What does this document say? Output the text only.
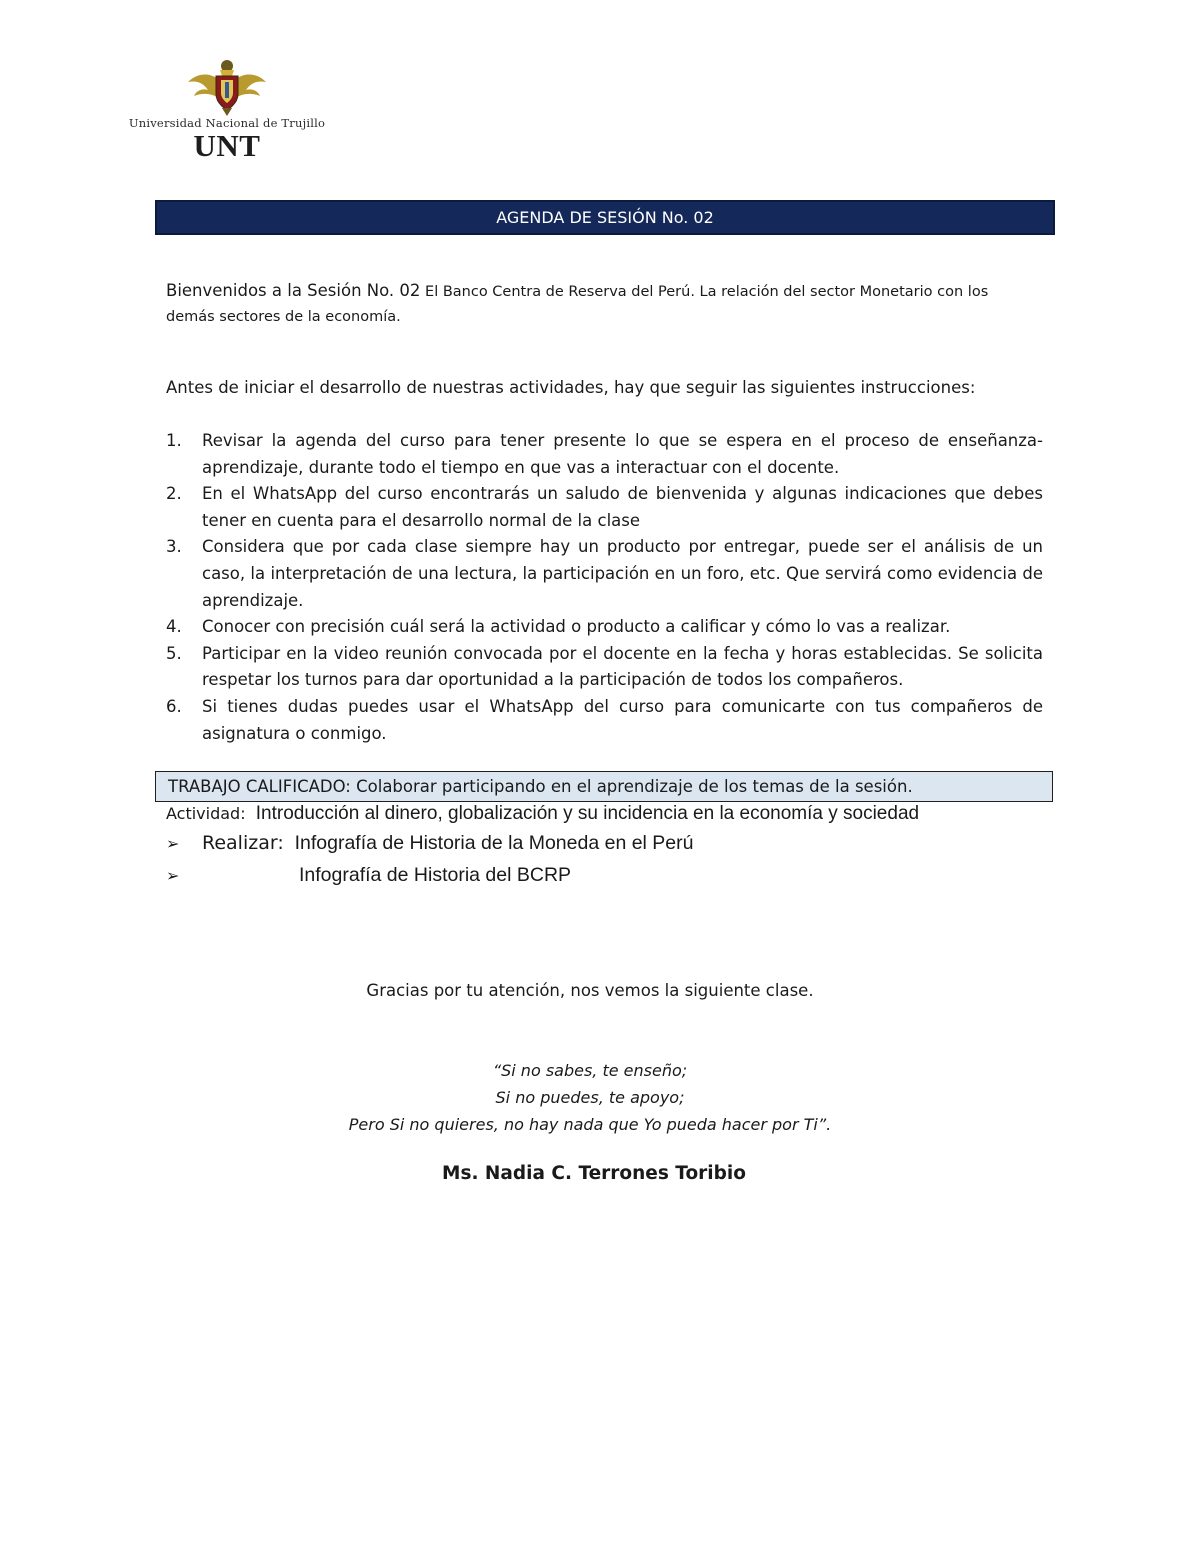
Universidad Nacional de Trujillo
UNT
AGENDA DE SESIÓN No. 02
Bienvenidos a la Sesión No. 02 El Banco Centra de Reserva del Perú. La relación del sector Monetario con los demás sectores de la economía.
Antes de iniciar el desarrollo de nuestras actividades, hay que seguir las siguientes instrucciones:
1. Revisar la agenda del curso para tener presente lo que se espera en el proceso de enseñanza-aprendizaje, durante todo el tiempo en que vas a interactuar con el docente.
2. En el WhatsApp del curso encontrarás un saludo de bienvenida y algunas indicaciones que debes tener en cuenta para el desarrollo normal de la clase
3. Considera que por cada clase siempre hay un producto por entregar, puede ser el análisis de un caso, la interpretación de una lectura, la participación en un foro, etc. Que servirá como evidencia de aprendizaje.
4. Conocer con precisión cuál será la actividad o producto a calificar y cómo lo vas a realizar.
5. Participar en la video reunión convocada por el docente en la fecha y horas establecidas. Se solicita respetar los turnos para dar oportunidad a la participación de todos los compañeros.
6. Si tienes dudas puedes usar el WhatsApp del curso para comunicarte con tus compañeros de asignatura o conmigo.
TRABAJO CALIFICADO: Colaborar participando en el aprendizaje de los temas de la sesión.
Actividad: Introducción al dinero, globalización y su incidencia en la economía y sociedad
➢ Realizar: Infografía de Historia de la Moneda en el Perú
➢	Infografía de Historia del BCRP
Gracias por tu atención, nos vemos la siguiente clase.
“Si no sabes, te enseño;
Si no puedes, te apoyo;
Pero Si no quieres, no hay nada que Yo pueda hacer por Ti”.
Ms. Nadia C. Terrones Toribio
